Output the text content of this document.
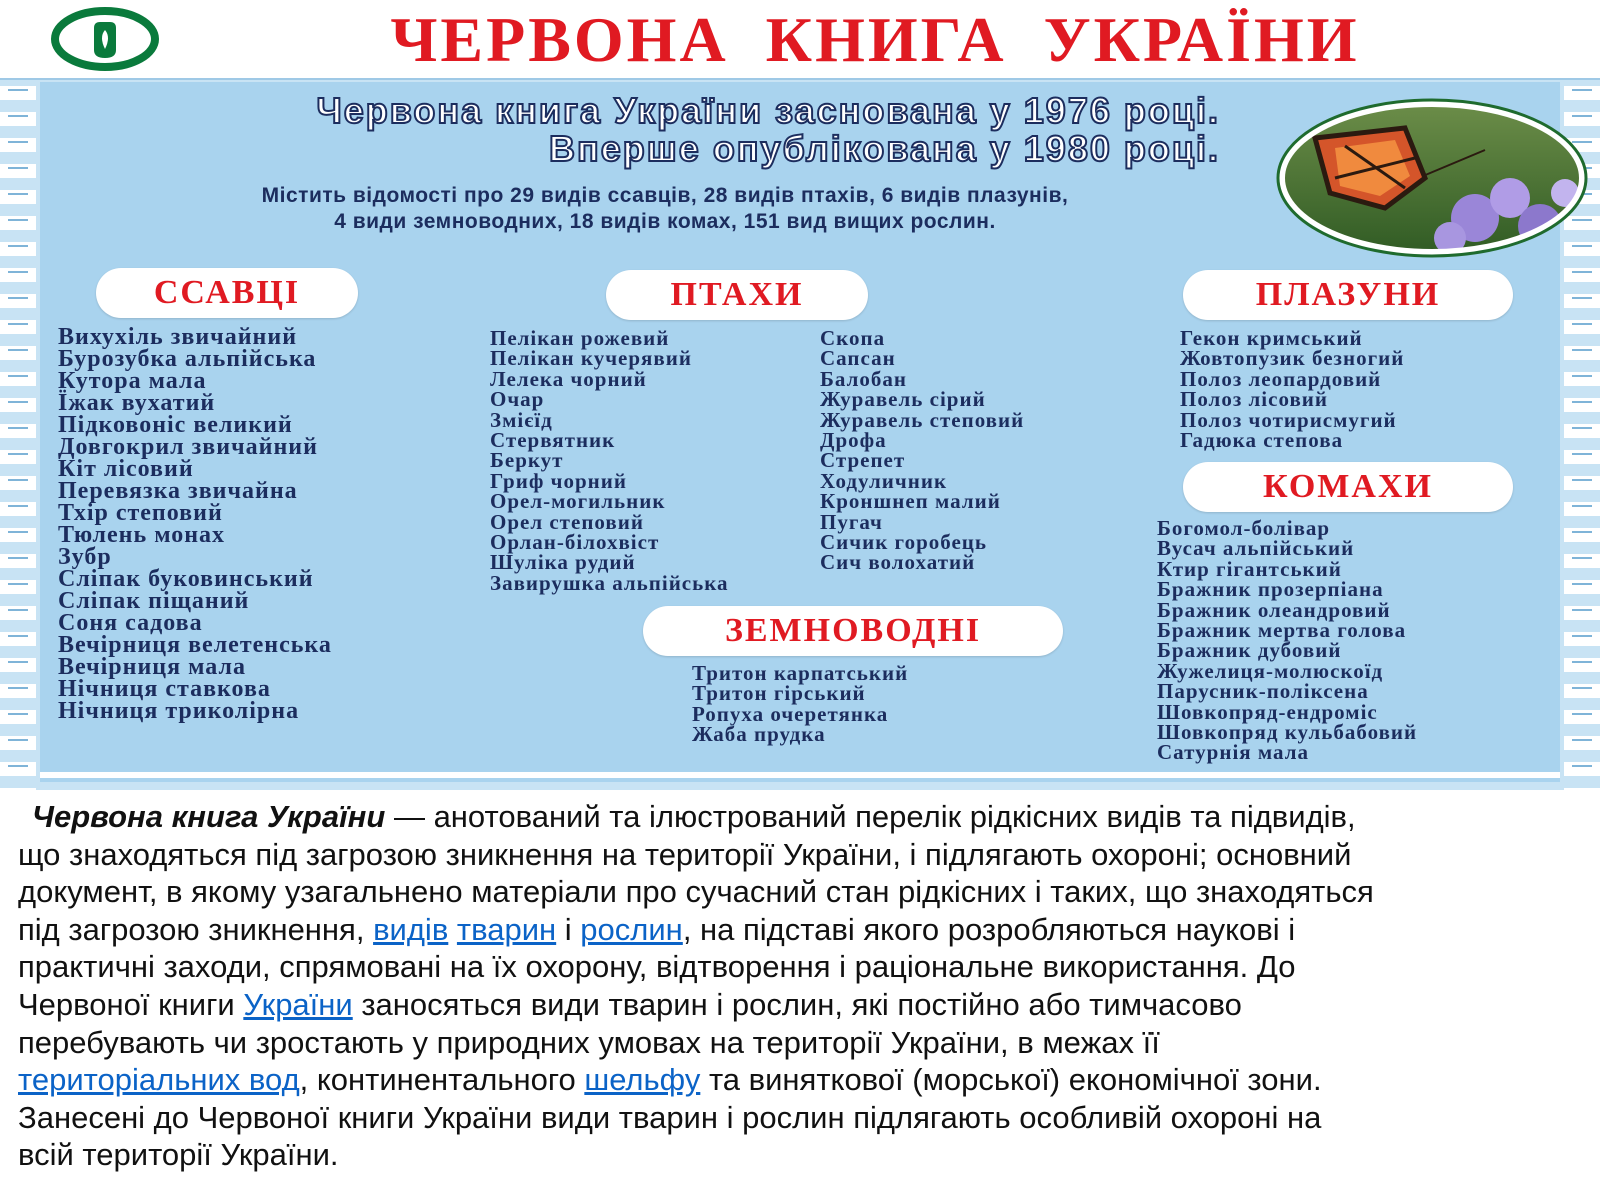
ЧЕРВОНА КНИГА УКРАЇНИ
Червона книга України заснована у 1976 році.
Вперше опублікована у 1980 році.
Містить відомості про 29 видів ссавців, 28 видів птахів, 6 видів плазунів,
4 види земноводних, 18 видів комах, 151 вид вищих рослин.
ССАВЦІ	ПТАХИ	ПЛАЗУНИ
КОМАХИ
ЗЕМНОВОДНІ
Вихухіль звичайний
Бурозубка альпійська
Кутора мала
Їжак вухатий
Підковоніс великий
Довгокрил звичайний
Кіт лісовий
Перевязка звичайна
Тхір степовий
Тюлень монах
Зубр
Сліпак буковинський
Сліпак піщаний
Соня садова
Вечірниця велетенська
Вечірниця мала
Нічниця ставкова
Нічниця триколірна
Пелікан рожевий
Пелікан кучерявий
Лелека чорний
Очар
Змієїд
Стервятник
Беркут
Гриф чорний
Орел-могильник
Орел степовий
Орлан-білохвіст
Шуліка рудий
Завирушка альпійська
Скопа
Сапсан
Балобан
Журавель сірий
Журавель степовий
Дрофа
Стрепет
Ходуличник
Кроншнеп малий
Пугач
Сичик горобець
Сич волохатий
Гекон кримський
Жовтопузик безногий
Полоз леопардовий
Полоз лісовий
Полоз чотирисмугий
Гадюка степова
Богомол-болівар
Вусач альпійський
Ктир гігантський
Бражник прозерпіана
Бражник олеандровий
Бражник мертва голова
Бражник дубовий
Жужелиця-молюскоїд
Парусник-поліксена
Шовкопряд-ендроміс
Шовкопряд кульбабовий
Сатурнія мала
Тритон карпатський
Тритон гірський
Ропуха очеретянка
Жаба прудка
Червона книга України — анотований та ілюстрований перелік рідкісних видів та підвидів,
що знаходяться під загрозою зникнення на території України, і підлягають охороні; основний
документ, в якому узагальнено матеріали про сучасний стан рідкісних і таких, що знаходяться
під загрозою зникнення, видів тварин і рослин, на підставі якого розробляються наукові і
практичні заходи, спрямовані на їх охорону, відтворення і раціональне використання. До
Червоної книги України заносяться види тварин і рослин, які постійно або тимчасово
перебувають чи зростають у природних умовах на території України, в межах її
територіальних вод, континентального шельфу та виняткової (морської) економічної зони.
Занесені до Червоної книги України види тварин і рослин підлягають особливій охороні на
всій території України.
